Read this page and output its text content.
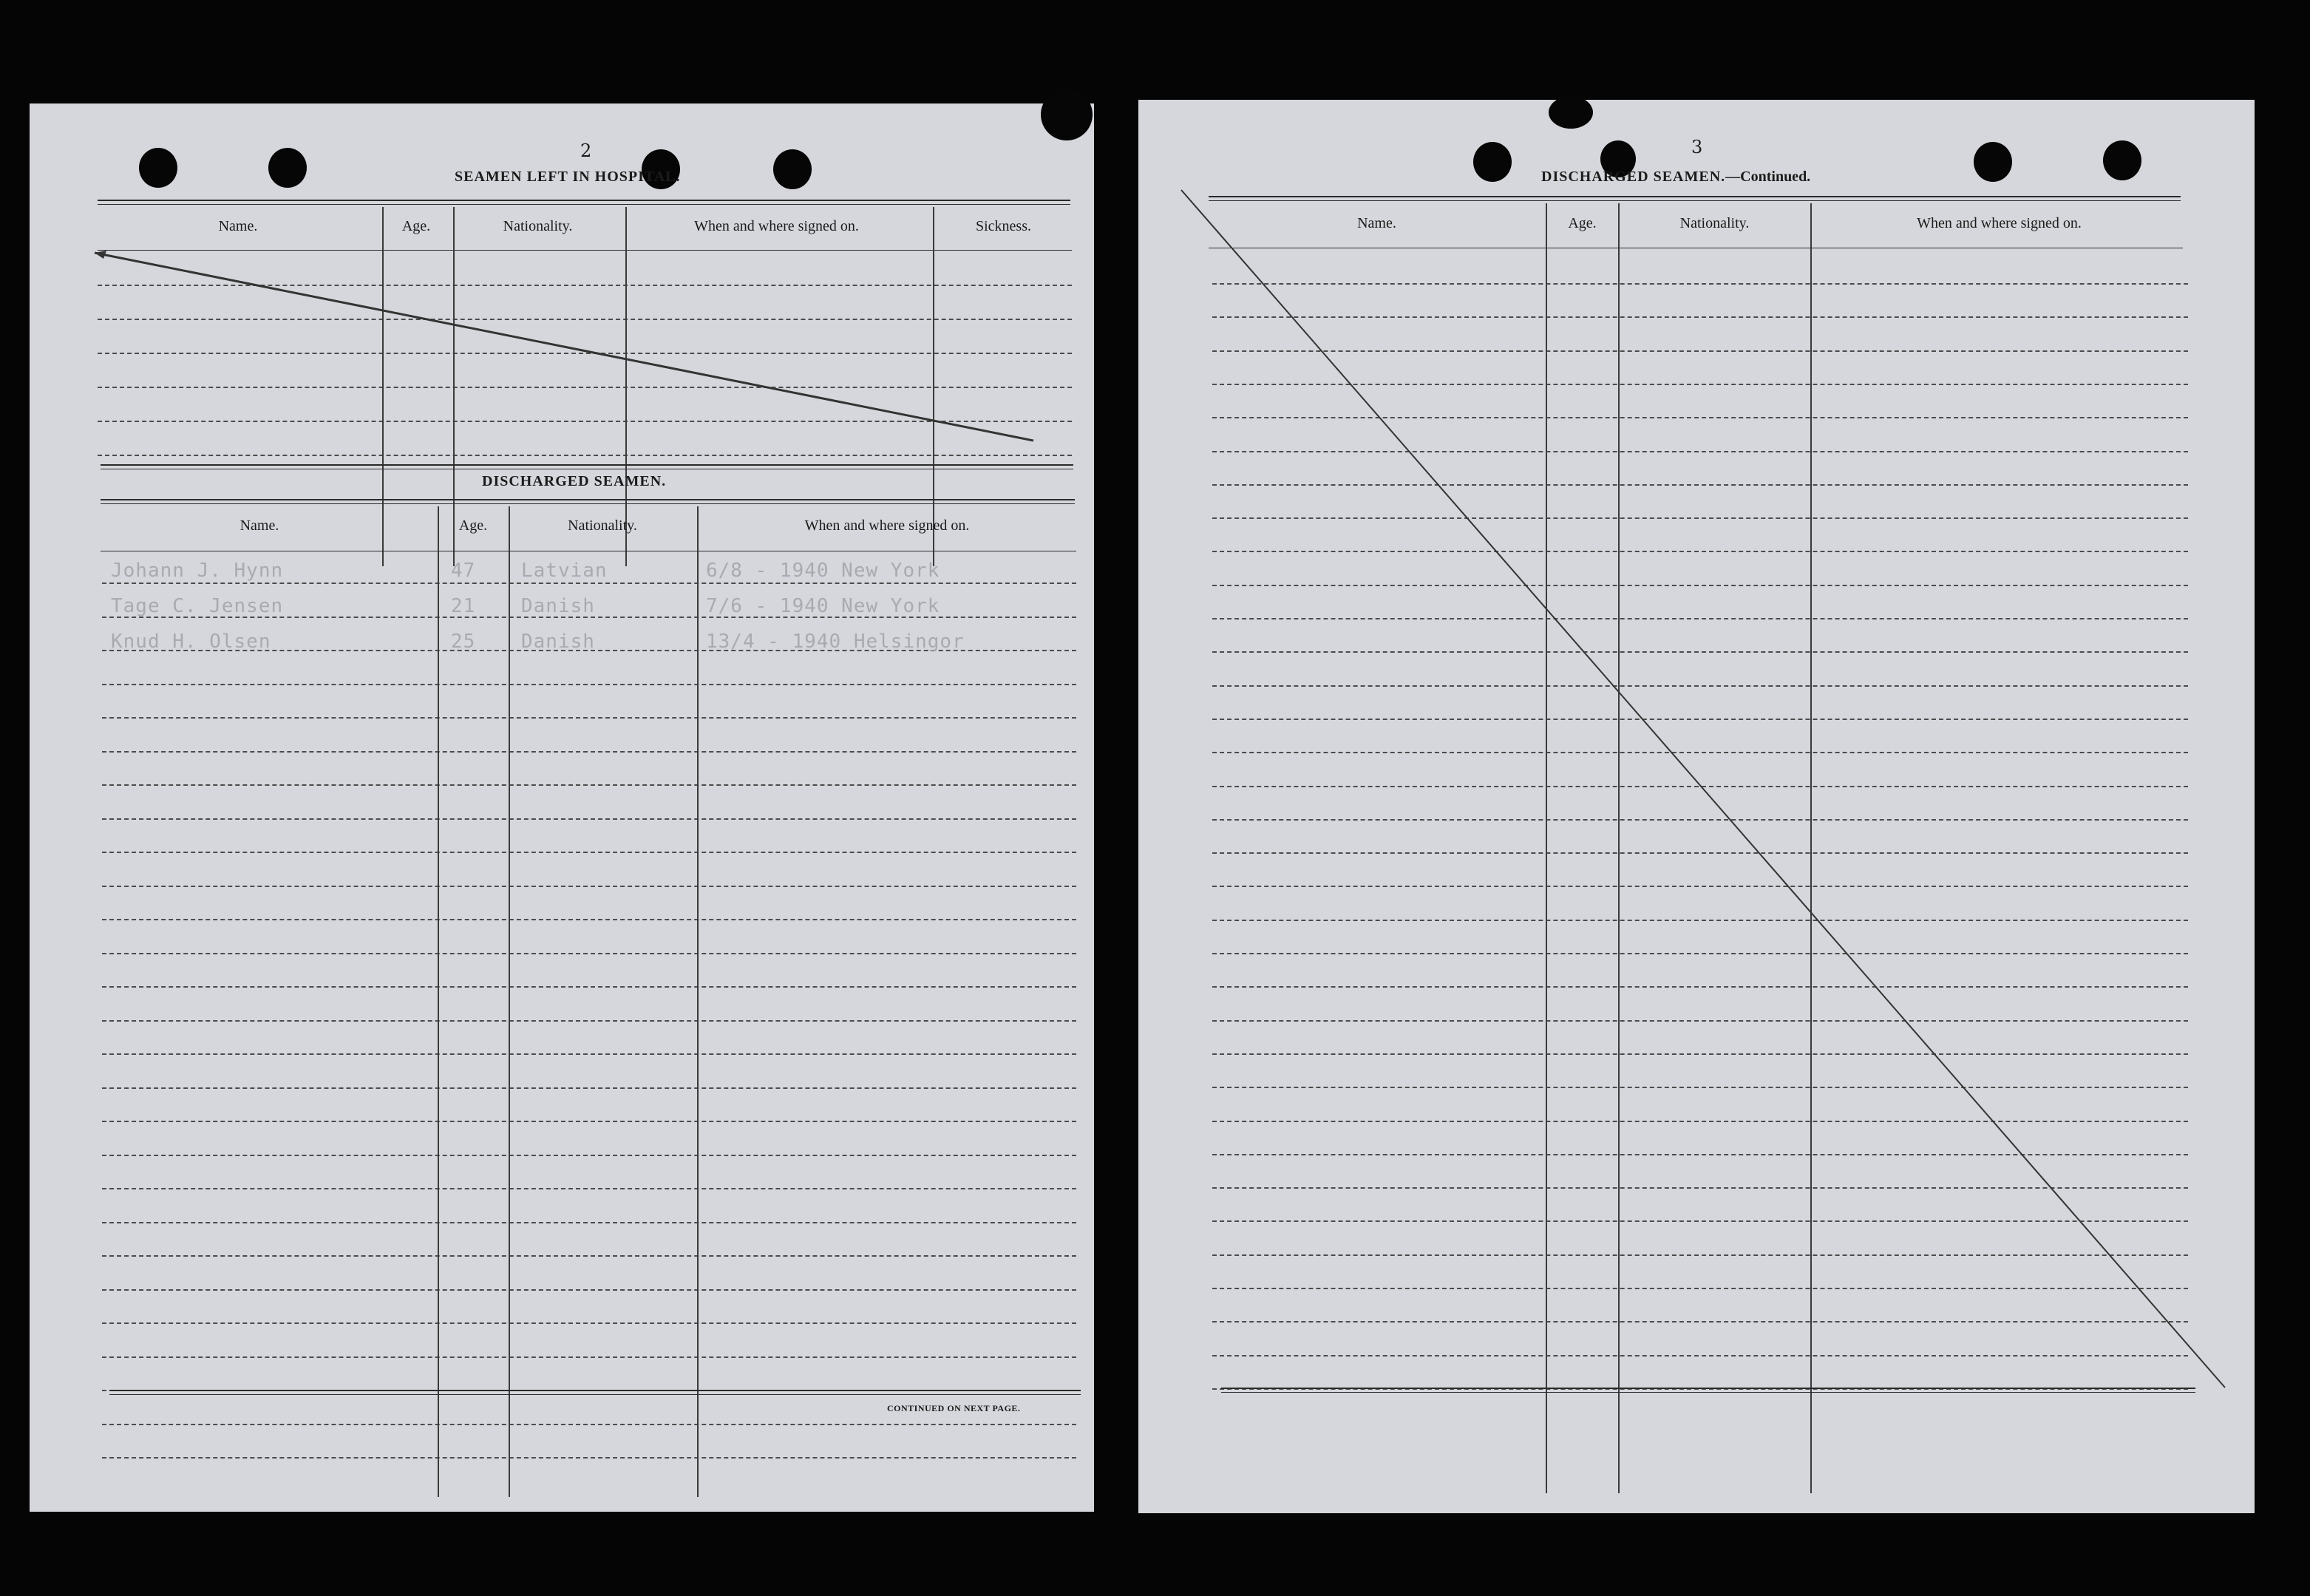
2
SEAMEN LEFT IN HOSPITAL.
Name.	Age.	Nationality.	When and where signed on.	Sickness.
DISCHARGED SEAMEN.
Name.	Age.	Nationality.	When and where signed on.
Johann J. Hynn	47 Latvian	6/8 - 1940 New York
Tage C. Jensen	21 Danish	7/6 - 1940 New York
Knud H. Olsen	25 Danish	13/4 - 1940 Helsingor
CONTINUED ON NEXT PAGE.
3
DISCHARGED SEAMEN.—Continued.
Name.	Age.	Nationality.	When and where signed on.
